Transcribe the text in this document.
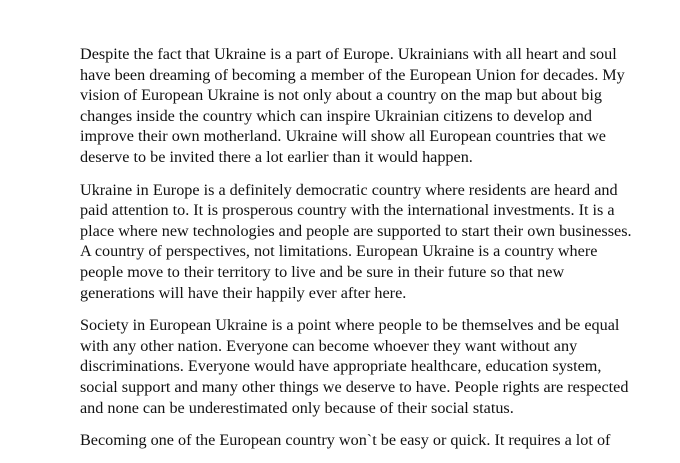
Despite the fact that Ukraine is a part of Europe. Ukrainians with all heart and soul
have been dreaming of becoming a member of the European Union for decades. My
vision of European Ukraine is not only about a country on the map but about big
changes inside the country which can inspire Ukrainian citizens to develop and
improve their own motherland. Ukraine will show all European countries that we
deserve to be invited there a lot earlier than it would happen.

Ukraine in Europe is a definitely democratic country where residents are heard and
paid attention to. It is prosperous country with the international investments. It is a
place where new technologies and people are supported to start their own businesses.
A country of perspectives, not limitations. European Ukraine is a country where
people move to their territory to live and be sure in their future so that new
generations will have their happily ever after here.

Society in European Ukraine is a point where people to be themselves and be equal
with any other nation. Everyone can become whoever they want without any
discriminations. Everyone would have appropriate healthcare, education system,
social support and many other things we deserve to have. People rights are respected
and none can be underestimated only because of their social status.

Becoming one of the European country won`t be easy or quick. It requires a lot of
